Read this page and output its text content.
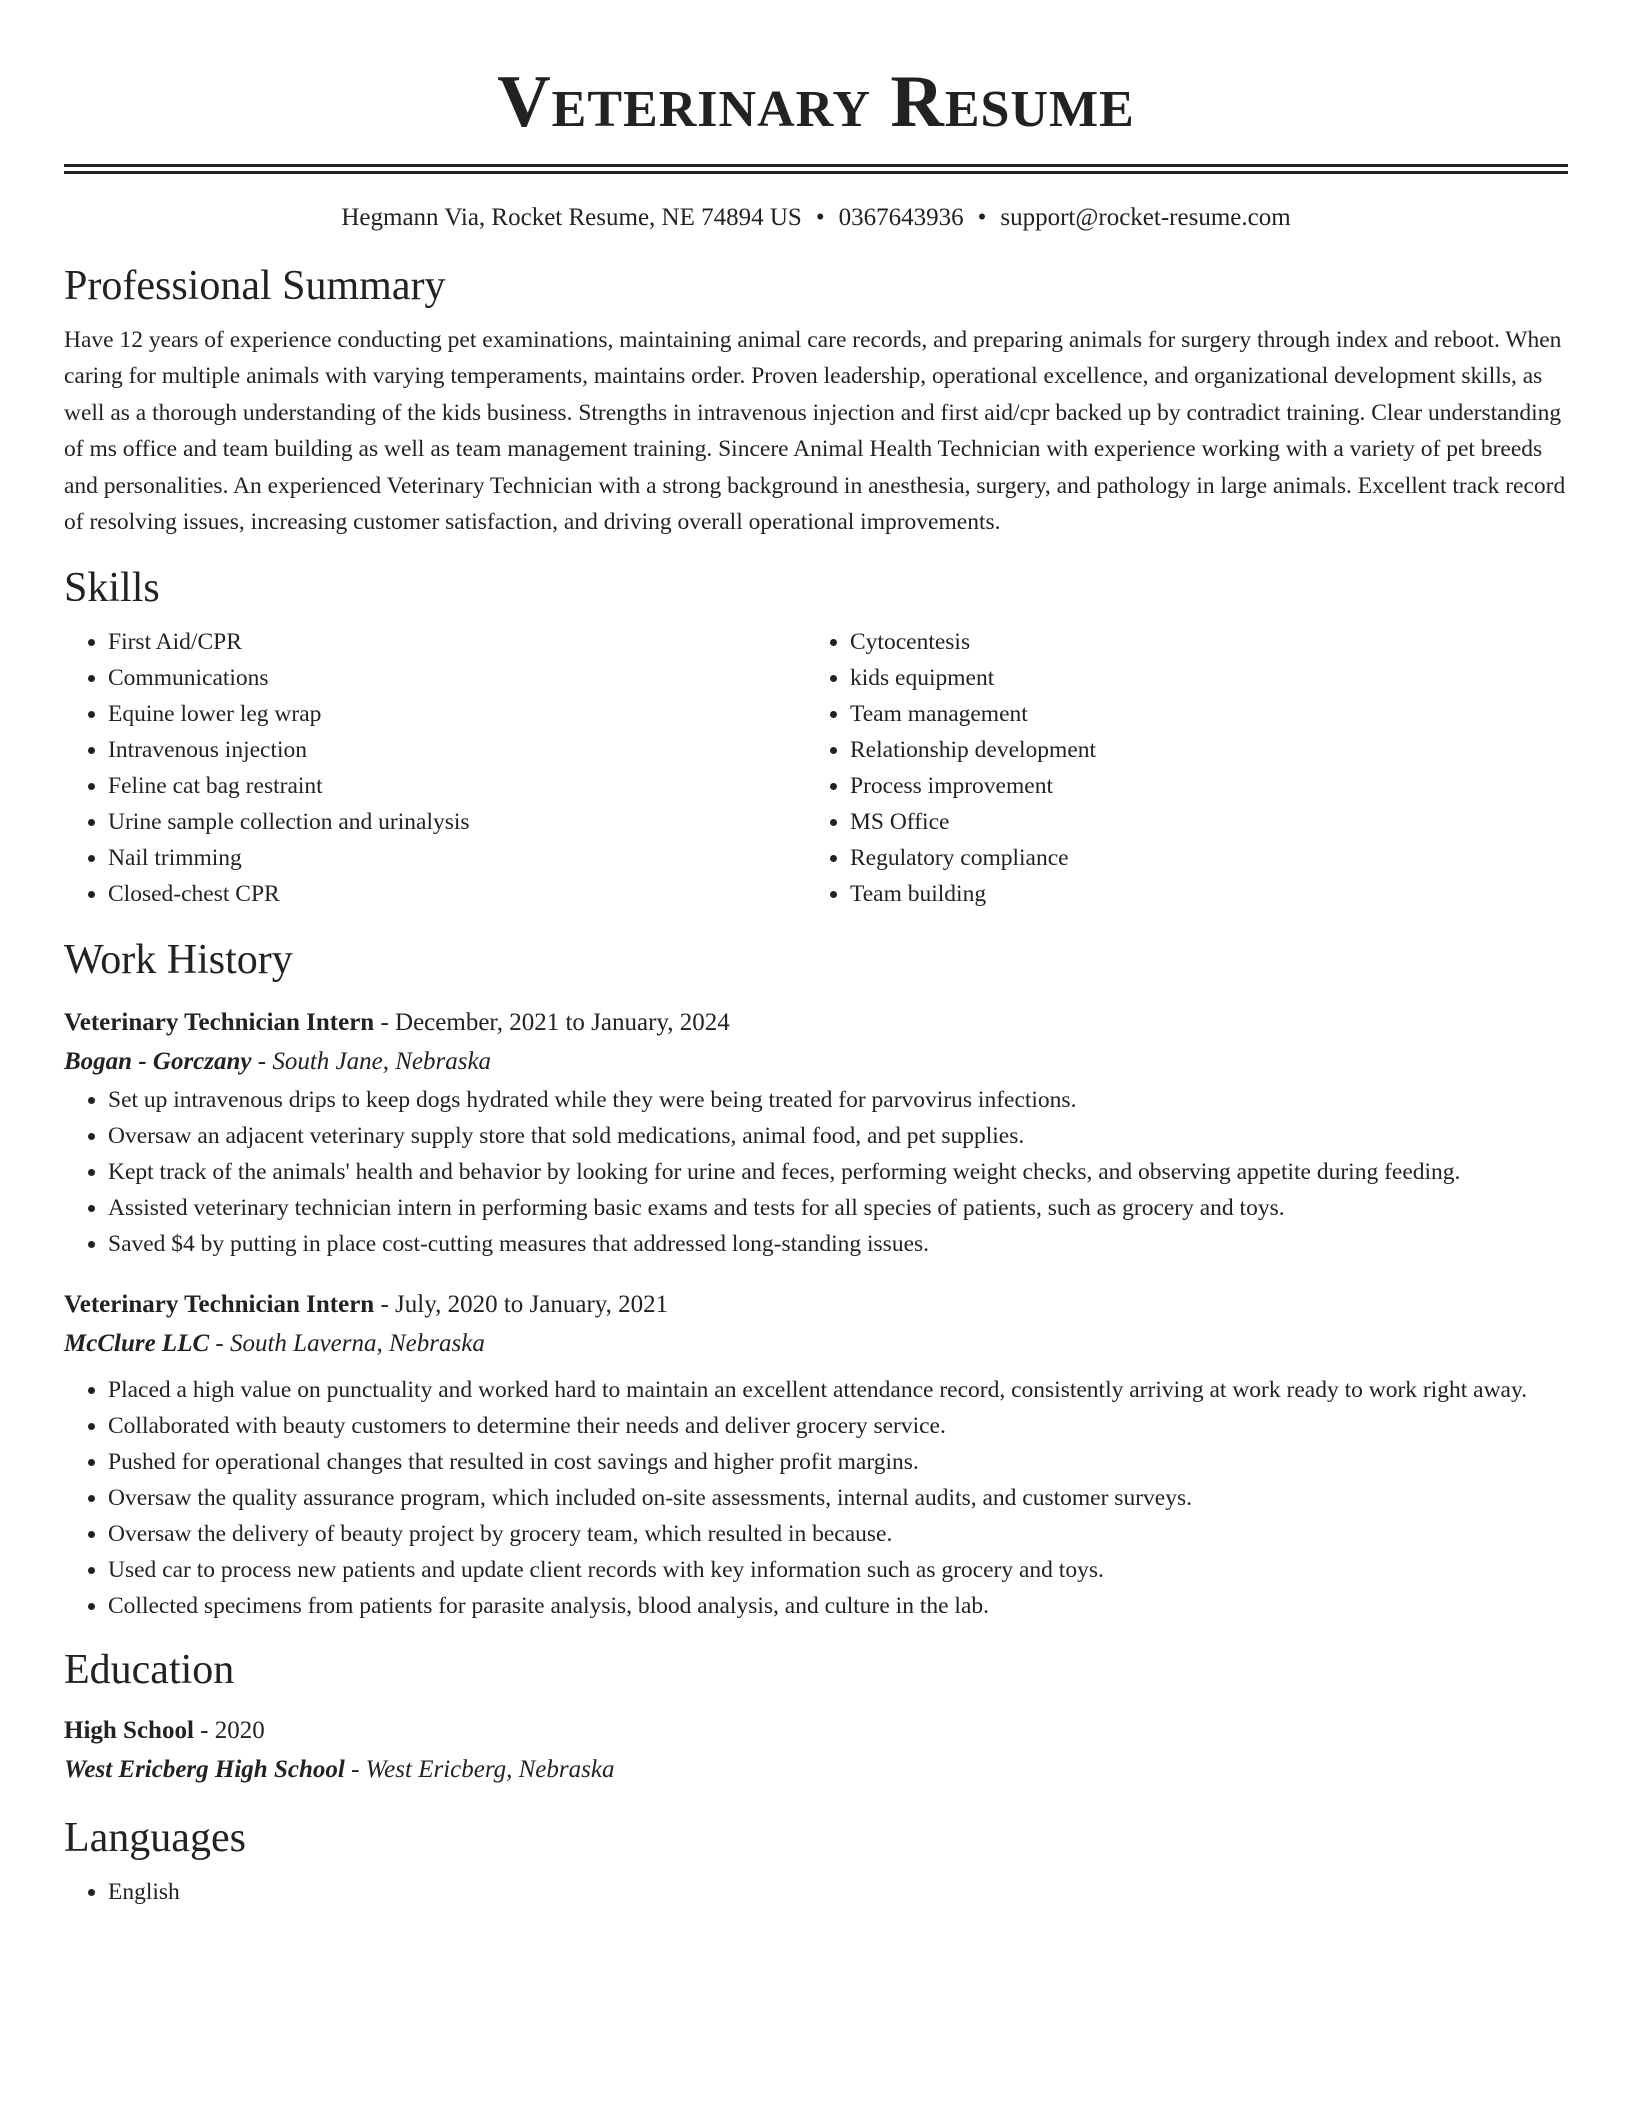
Veterinary Resume
Hegmann Via, Rocket Resume, NE 74894 US • 0367643936 • support@rocket-resume.com
Professional Summary

Have 12 years of experience conducting pet examinations, maintaining animal care records, and preparing animals for surgery through index and reboot. When caring for multiple animals with varying temperaments, maintains order. Proven leadership, operational excellence, and organizational development skills, as well as a thorough understanding of the kids business. Strengths in intravenous injection and first aid/cpr backed up by contradict training. Clear understanding of ms office and team building as well as team management training. Sincere Animal Health Technician with experience working with a variety of pet breeds and personalities. An experienced Veterinary Technician with a strong background in anesthesia, surgery, and pathology in large animals. Excellent track record of resolving issues, increasing customer satisfaction, and driving overall operational improvements.

Skills
• First Aid/CPR
• Communications
• Equine lower leg wrap
• Intravenous injection
• Feline cat bag restraint
• Urine sample collection and urinalysis
• Nail trimming
• Closed-chest CPR
• Cytocentesis
• kids equipment
• Team management
• Relationship development
• Process improvement
• MS Office
• Regulatory compliance
• Team building
Work History
Veterinary Technician Intern - December, 2021 to January, 2024
Bogan - Gorczany - South Jane, Nebraska
• Set up intravenous drips to keep dogs hydrated while they were being treated for parvovirus infections.
• Oversaw an adjacent veterinary supply store that sold medications, animal food, and pet supplies.
• Kept track of the animals' health and behavior by looking for urine and feces, performing weight checks, and observing appetite during feeding.
• Assisted veterinary technician intern in performing basic exams and tests for all species of patients, such as grocery and toys.
• Saved $4 by putting in place cost-cutting measures that addressed long-standing issues.
Veterinary Technician Intern - July, 2020 to January, 2021
McClure LLC - South Laverna, Nebraska
• Placed a high value on punctuality and worked hard to maintain an excellent attendance record, consistently arriving at work ready to work right away.
• Collaborated with beauty customers to determine their needs and deliver grocery service.
• Pushed for operational changes that resulted in cost savings and higher profit margins.
• Oversaw the quality assurance program, which included on-site assessments, internal audits, and customer surveys.
• Oversaw the delivery of beauty project by grocery team, which resulted in because.
• Used car to process new patients and update client records with key information such as grocery and toys.
• Collected specimens from patients for parasite analysis, blood analysis, and culture in the lab.
Education
High School - 2020
West Ericberg High School - West Ericberg, Nebraska
Languages
• English
